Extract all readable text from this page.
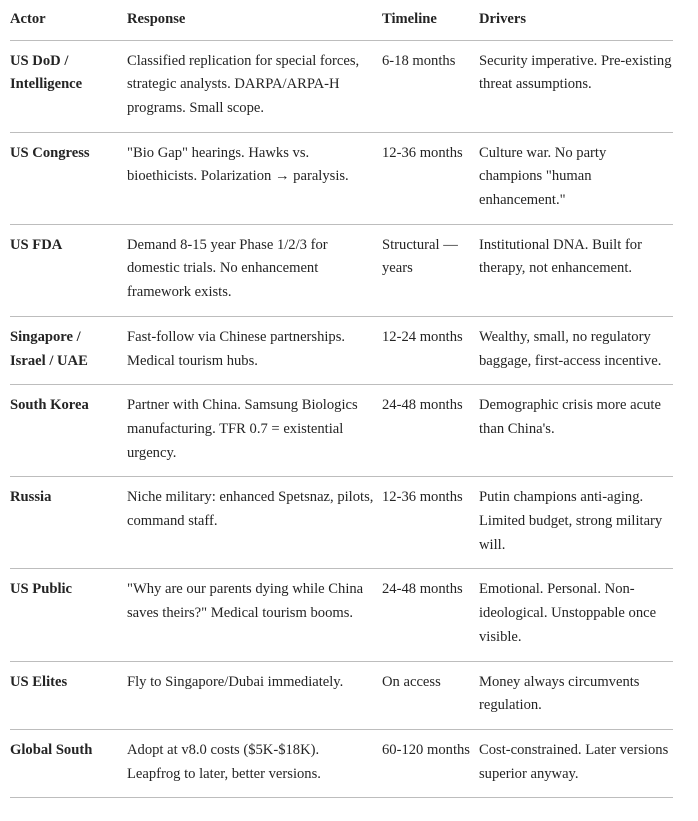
Actor	Response	Timeline	Drivers
US DoD / Intelligence	Classified replication for special forces, strategic analysts. DARPA/ARPA-H programs. Small scope.	6-18 months	Security imperative. Pre-existing threat assumptions.
US Congress	"Bio Gap" hearings. Hawks vs. bioethicists. Polarization → paralysis.	12-36 months	Culture war. No party champions "human enhancement."
US FDA	Demand 8-15 year Phase 1/2/3 for domestic trials. No enhancement framework exists.	Structural — years	Institutional DNA. Built for therapy, not enhancement.
Singapore / Israel / UAE	Fast-follow via Chinese partnerships. Medical tourism hubs.	12-24 months	Wealthy, small, no regulatory baggage, first-access incentive.
South Korea	Partner with China. Samsung Biologics manufacturing. TFR 0.7 = existential urgency.	24-48 months	Demographic crisis more acute than China's.
Russia	Niche military: enhanced Spetsnaz, pilots, command staff.	12-36 months	Putin champions anti-aging. Limited budget, strong military will.
US Public	"Why are our parents dying while China saves theirs?" Medical tourism booms.	24-48 months	Emotional. Personal. Non-ideological. Unstoppable once visible.
US Elites	Fly to Singapore/Dubai immediately.	On access	Money always circumvents regulation.
Global South	Adopt at v8.0 costs ($5K-$18K). Leapfrog to later, better versions.	60-120 months	Cost-constrained. Later versions superior anyway.
